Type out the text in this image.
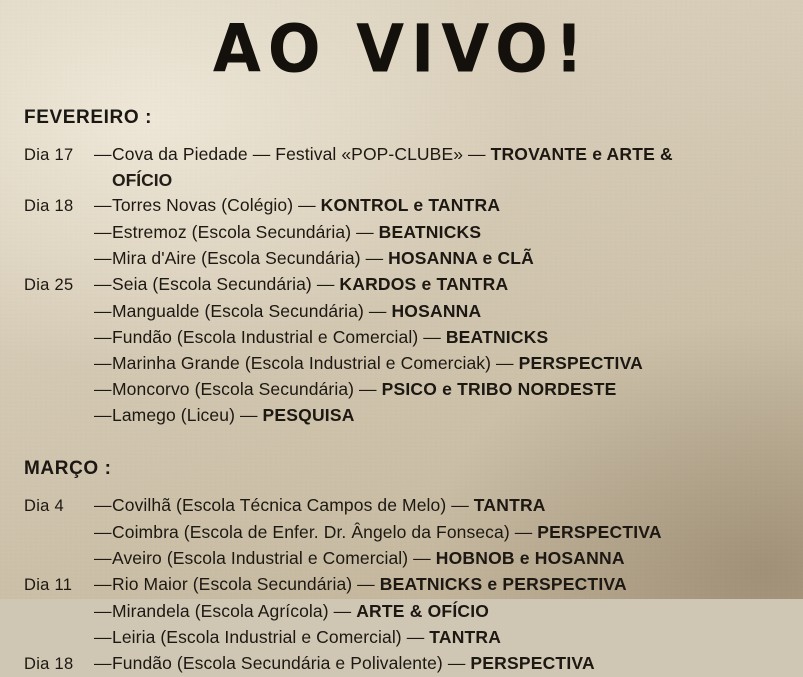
AO VIVO!
FEVEREIRO :
Dia 17	— Cova da Piedade — Festival «POP-CLUBE» — TROVANTE e ARTE &
OFÍCIO
Dia 18	— Torres Novas (Colégio) — KONTROL e TANTRA
— Estremoz (Escola Secundária) — BEATNICKS
— Mira d'Aire (Escola Secundária) — HOSANNA e CLÃ
Dia 25	— Seia (Escola Secundária) — KARDOS e TANTRA
— Mangualde (Escola Secundária) — HOSANNA
— Fundão (Escola Industrial e Comercial) — BEATNICKS
— Marinha Grande (Escola Industrial e Comerciak) — PERSPECTIVA
— Moncorvo (Escola Secundária) — PSICO e TRIBO NORDESTE
— Lamego (Liceu) — PESQUISA
MARÇO :
Dia 4	— Covilhã (Escola Técnica Campos de Melo) — TANTRA
— Coimbra (Escola de Enfer. Dr. Ângelo da Fonseca) — PERSPECTIVA
— Aveiro (Escola Industrial e Comercial) — HOBNOB e HOSANNA
Dia 11	— Rio Maior (Escola Secundária) — BEATNICKS e PERSPECTIVA
— Mirandela (Escola Agrícola) — ARTE & OFÍCIO
— Leiria (Escola Industrial e Comercial) — TANTRA
Dia 18	— Fundão (Escola Secundária e Polivalente) — PERSPECTIVA
